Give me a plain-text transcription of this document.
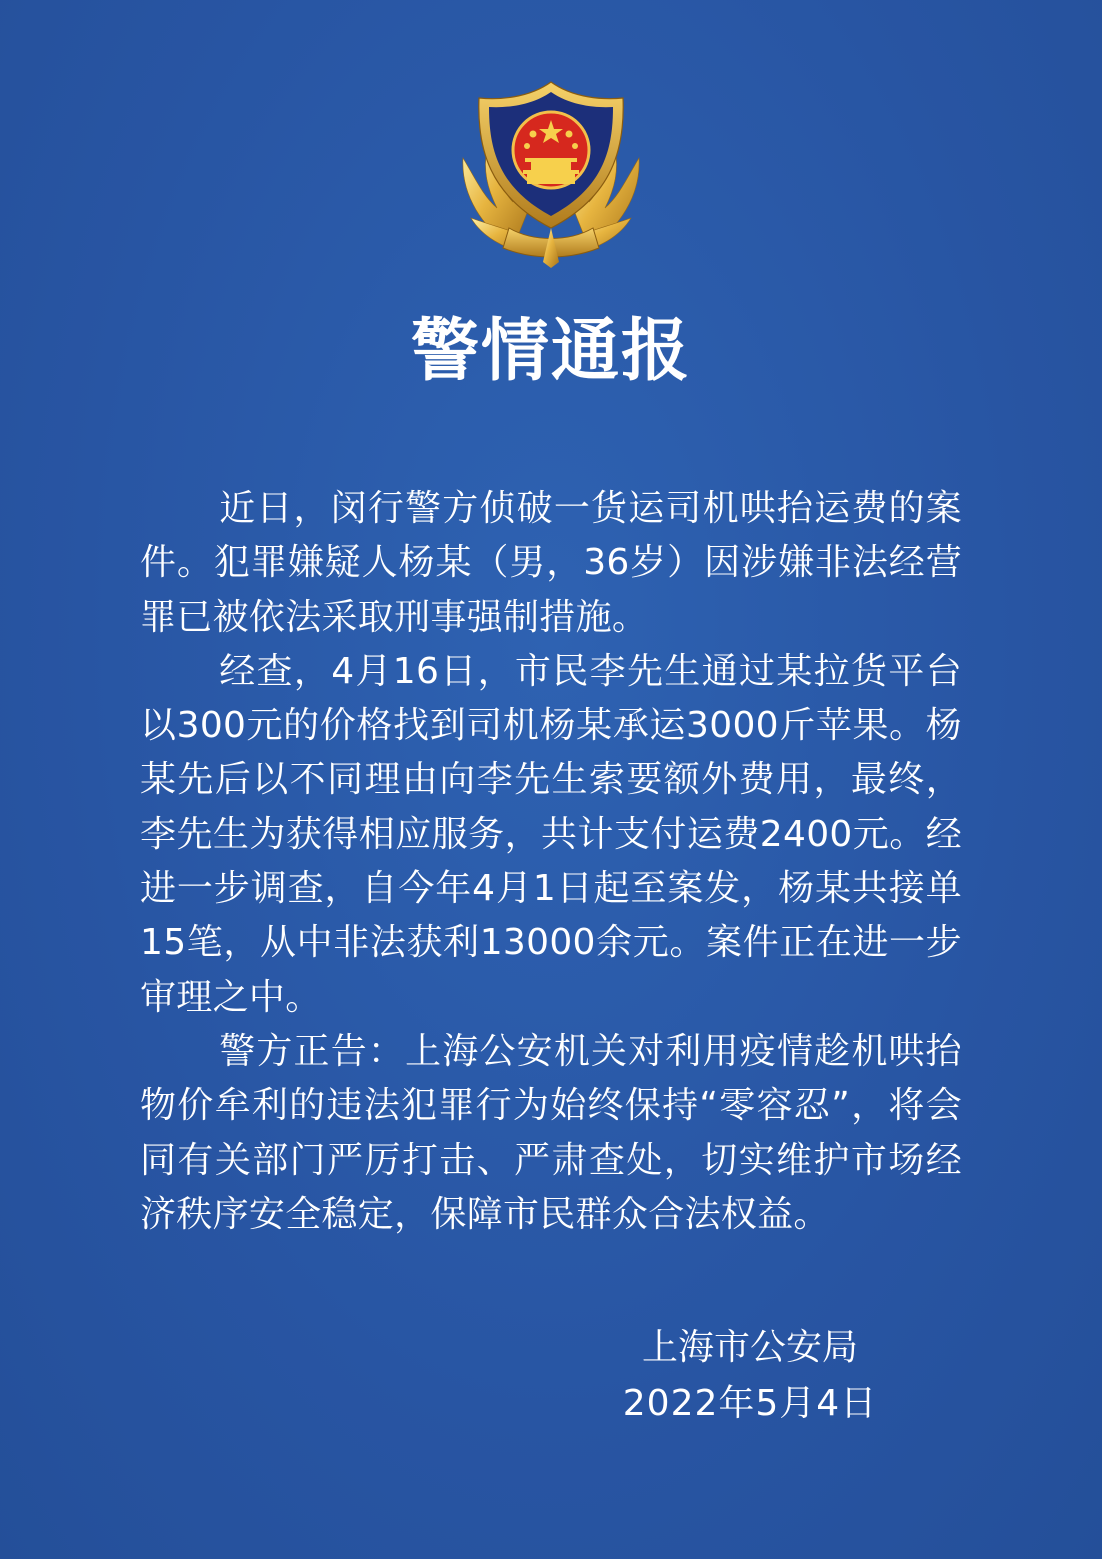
警情通报

近日，闵行警方侦破一货运司机哄抬运费的案件。犯罪嫌疑人杨某（男，36岁）因涉嫌非法经营罪已被依法采取刑事强制措施。

经查，4月16日，市民李先生通过某拉货平台以300元的价格找到司机杨某承运3000斤苹果。杨某先后以不同理由向李先生索要额外费用，最终，李先生为获得相应服务，共计支付运费2400元。经进一步调查，自今年4月1日起至案发，杨某共接单15笔，从中非法获利13000余元。案件正在进一步审理之中。

警方正告：上海公安机关对利用疫情趁机哄抬物价牟利的违法犯罪行为始终保持“零容忍”，将会同有关部门严厉打击、严肃查处，切实维护市场经济秩序安全稳定，保障市民群众合法权益。

上海市公安局
2022年5月4日
